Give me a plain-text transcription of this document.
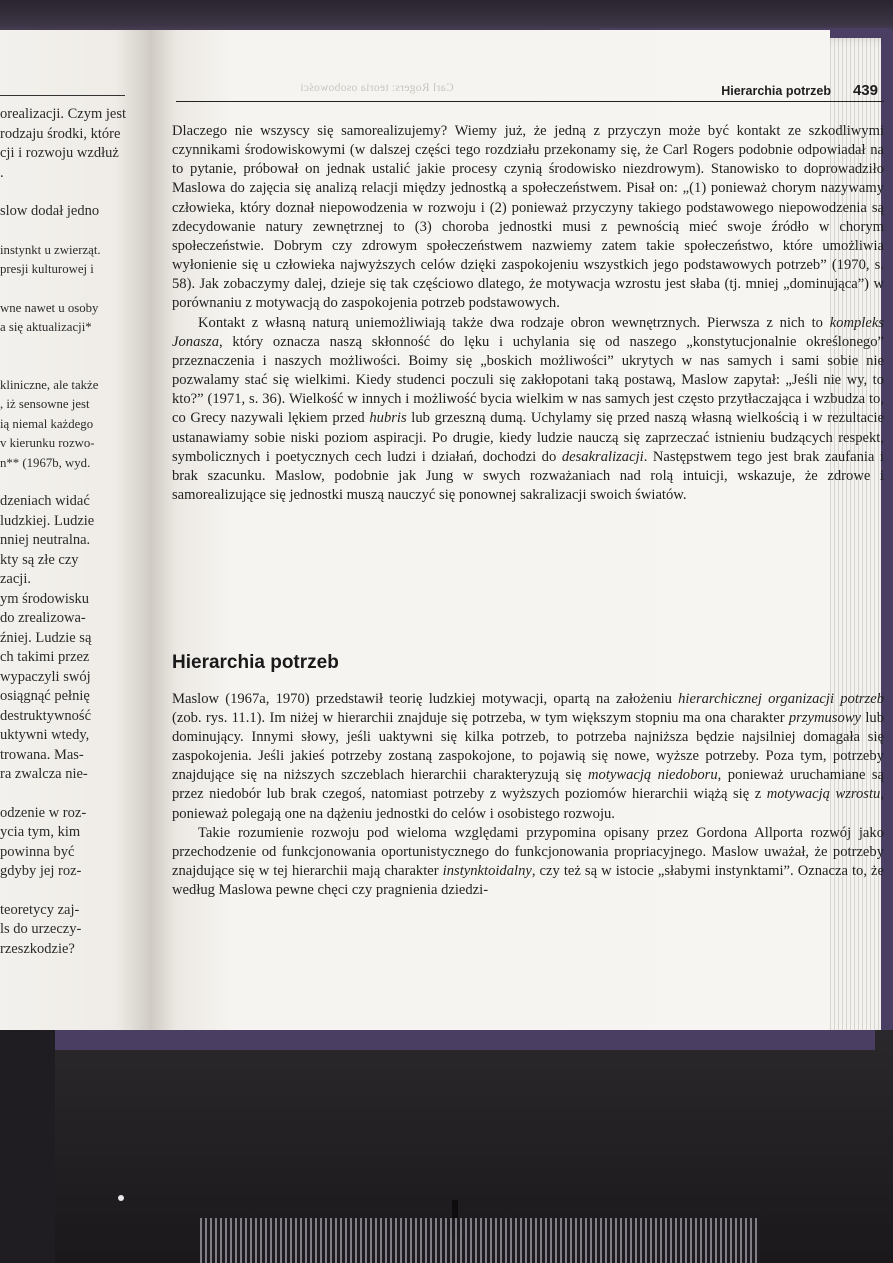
orealizacji. Czym jest
rodzaju środki, które
cji i rozwoju wzdłuż
.

slow dodał jedno

instynkt u zwierząt.
presji kulturowej i

wne nawet u osoby
a się aktualizacji*

kliniczne, ale także
, iż sensowne jest
ią niemal każdego
v kierunku rozwo-
n** (1967b, wyd.

dzeniach widać
ludzkiej. Ludzie
nniej neutralna.
kty są złe czy
zacji.
ym środowisku
do zrealizowa-
źniej. Ludzie są
ch takimi przez
wypaczyli swój
osiągnąć pełnię
destruktywność
uktywni wtedy,
trowana. Mas-
ra zwalcza nie-

odzenie w roz-
ycia tym, kim
powinna być
gdyby jej roz-

teoretycy zaj-
ls do urzeczy-
rzeszkodzie?
Carl Rogers: teoria osobowości	Hierarchia potrzeb 439

Dlaczego nie wszyscy się samorealizujemy? Wiemy już, że jedną z przyczyn może być kontakt ze szkodliwymi czynnikami środowiskowymi (w dalszej części tego rozdziału przekonamy się, że Carl Rogers podobnie odpowiadał na to pytanie, próbował on jednak ustalić jakie procesy czynią środowisko niezdrowym). Stanowisko to doprowadziło Maslowa do zajęcia się analizą relacji między jednostką a społeczeństwem. Pisał on: „(1) ponieważ chorym nazywamy człowieka, który doznał niepowodzenia w rozwoju i (2) ponieważ przyczyny takiego podstawowego niepowodzenia są zdecydowanie natury zewnętrznej to (3) choroba jednostki musi z pewnością mieć swoje źródło w chorym społeczeństwie. Dobrym czy zdrowym społeczeństwem nazwiemy zatem takie społeczeństwo, które umożliwia wyłonienie się u człowieka najwyższych celów dzięki zaspokojeniu wszystkich jego podstawowych potrzeb” (1970, s. 58). Jak zobaczymy dalej, dzieje się tak częściowo dlatego, że motywacja wzrostu jest słaba (tj. mniej „dominująca”) w porównaniu z motywacją do zaspokojenia potrzeb podstawowych.

Kontakt z własną naturą uniemożliwiają także dwa rodzaje obron wewnętrznych. Pierwsza z nich to kompleks Jonasza, który oznacza naszą skłonność do lęku i uchylania się od naszego „konstytucjonalnie określonego” przeznaczenia i naszych możliwości. Boimy się „boskich możliwości” ukrytych w nas samych i sami sobie nie pozwalamy stać się wielkimi. Kiedy studenci poczuli się zakłopotani taką postawą, Maslow zapytał: „Jeśli nie wy, to kto?” (1971, s. 36). Wielkość w innych i możliwość bycia wielkim w nas samych jest często przytłaczająca i wzbudza to, co Grecy nazywali lękiem przed hubris lub grzeszną dumą. Uchylamy się przed naszą własną wielkością i w rezultacie ustanawiamy sobie niski poziom aspiracji. Po drugie, kiedy ludzie nauczą się zaprzeczać istnieniu budzących respekt, symbolicznych i poetycznych cech ludzi i działań, dochodzi do desakralizacji. Następstwem tego jest brak zaufania i brak szacunku. Maslow, podobnie jak Jung w swych rozważaniach nad rolą intuicji, wskazuje, że zdrowe i samorealizujące się jednostki muszą nauczyć się ponownej sakralizacji swoich światów.

Hierarchia potrzeb

Maslow (1967a, 1970) przedstawił teorię ludzkiej motywacji, opartą na założeniu hierarchicznej organizacji potrzeb (zob. rys. 11.1). Im niżej w hierarchii znajduje się potrzeba, w tym większym stopniu ma ona charakter przymusowy lub dominujący. Innymi słowy, jeśli uaktywni się kilka potrzeb, to potrzeba najniższa będzie najsilniej domagała się zaspokojenia. Jeśli jakieś potrzeby zostaną zaspokojone, to pojawią się nowe, wyższe potrzeby. Poza tym, potrzeby znajdujące się na niższych szczeblach hierarchii charakteryzują się motywacją niedoboru, ponieważ uruchamiane są przez niedobór lub brak czegoś, natomiast potrzeby z wyższych poziomów hierarchii wiążą się z motywacją wzrostu, ponieważ polegają one na dążeniu jednostki do celów i osobistego rozwoju.

Takie rozumienie rozwoju pod wieloma względami przypomina opisany przez Gordona Allporta rozwój jako przechodzenie od funkcjonowania oportunistycznego do funkcjonowania propriacyjnego. Maslow uważał, że potrzeby znajdujące się w tej hierarchii mają charakter instynktoidalny, czy też są w istocie „słabymi instynktami”. Oznacza to, że według Maslowa pewne chęci czy pragnienia dziedzi-
